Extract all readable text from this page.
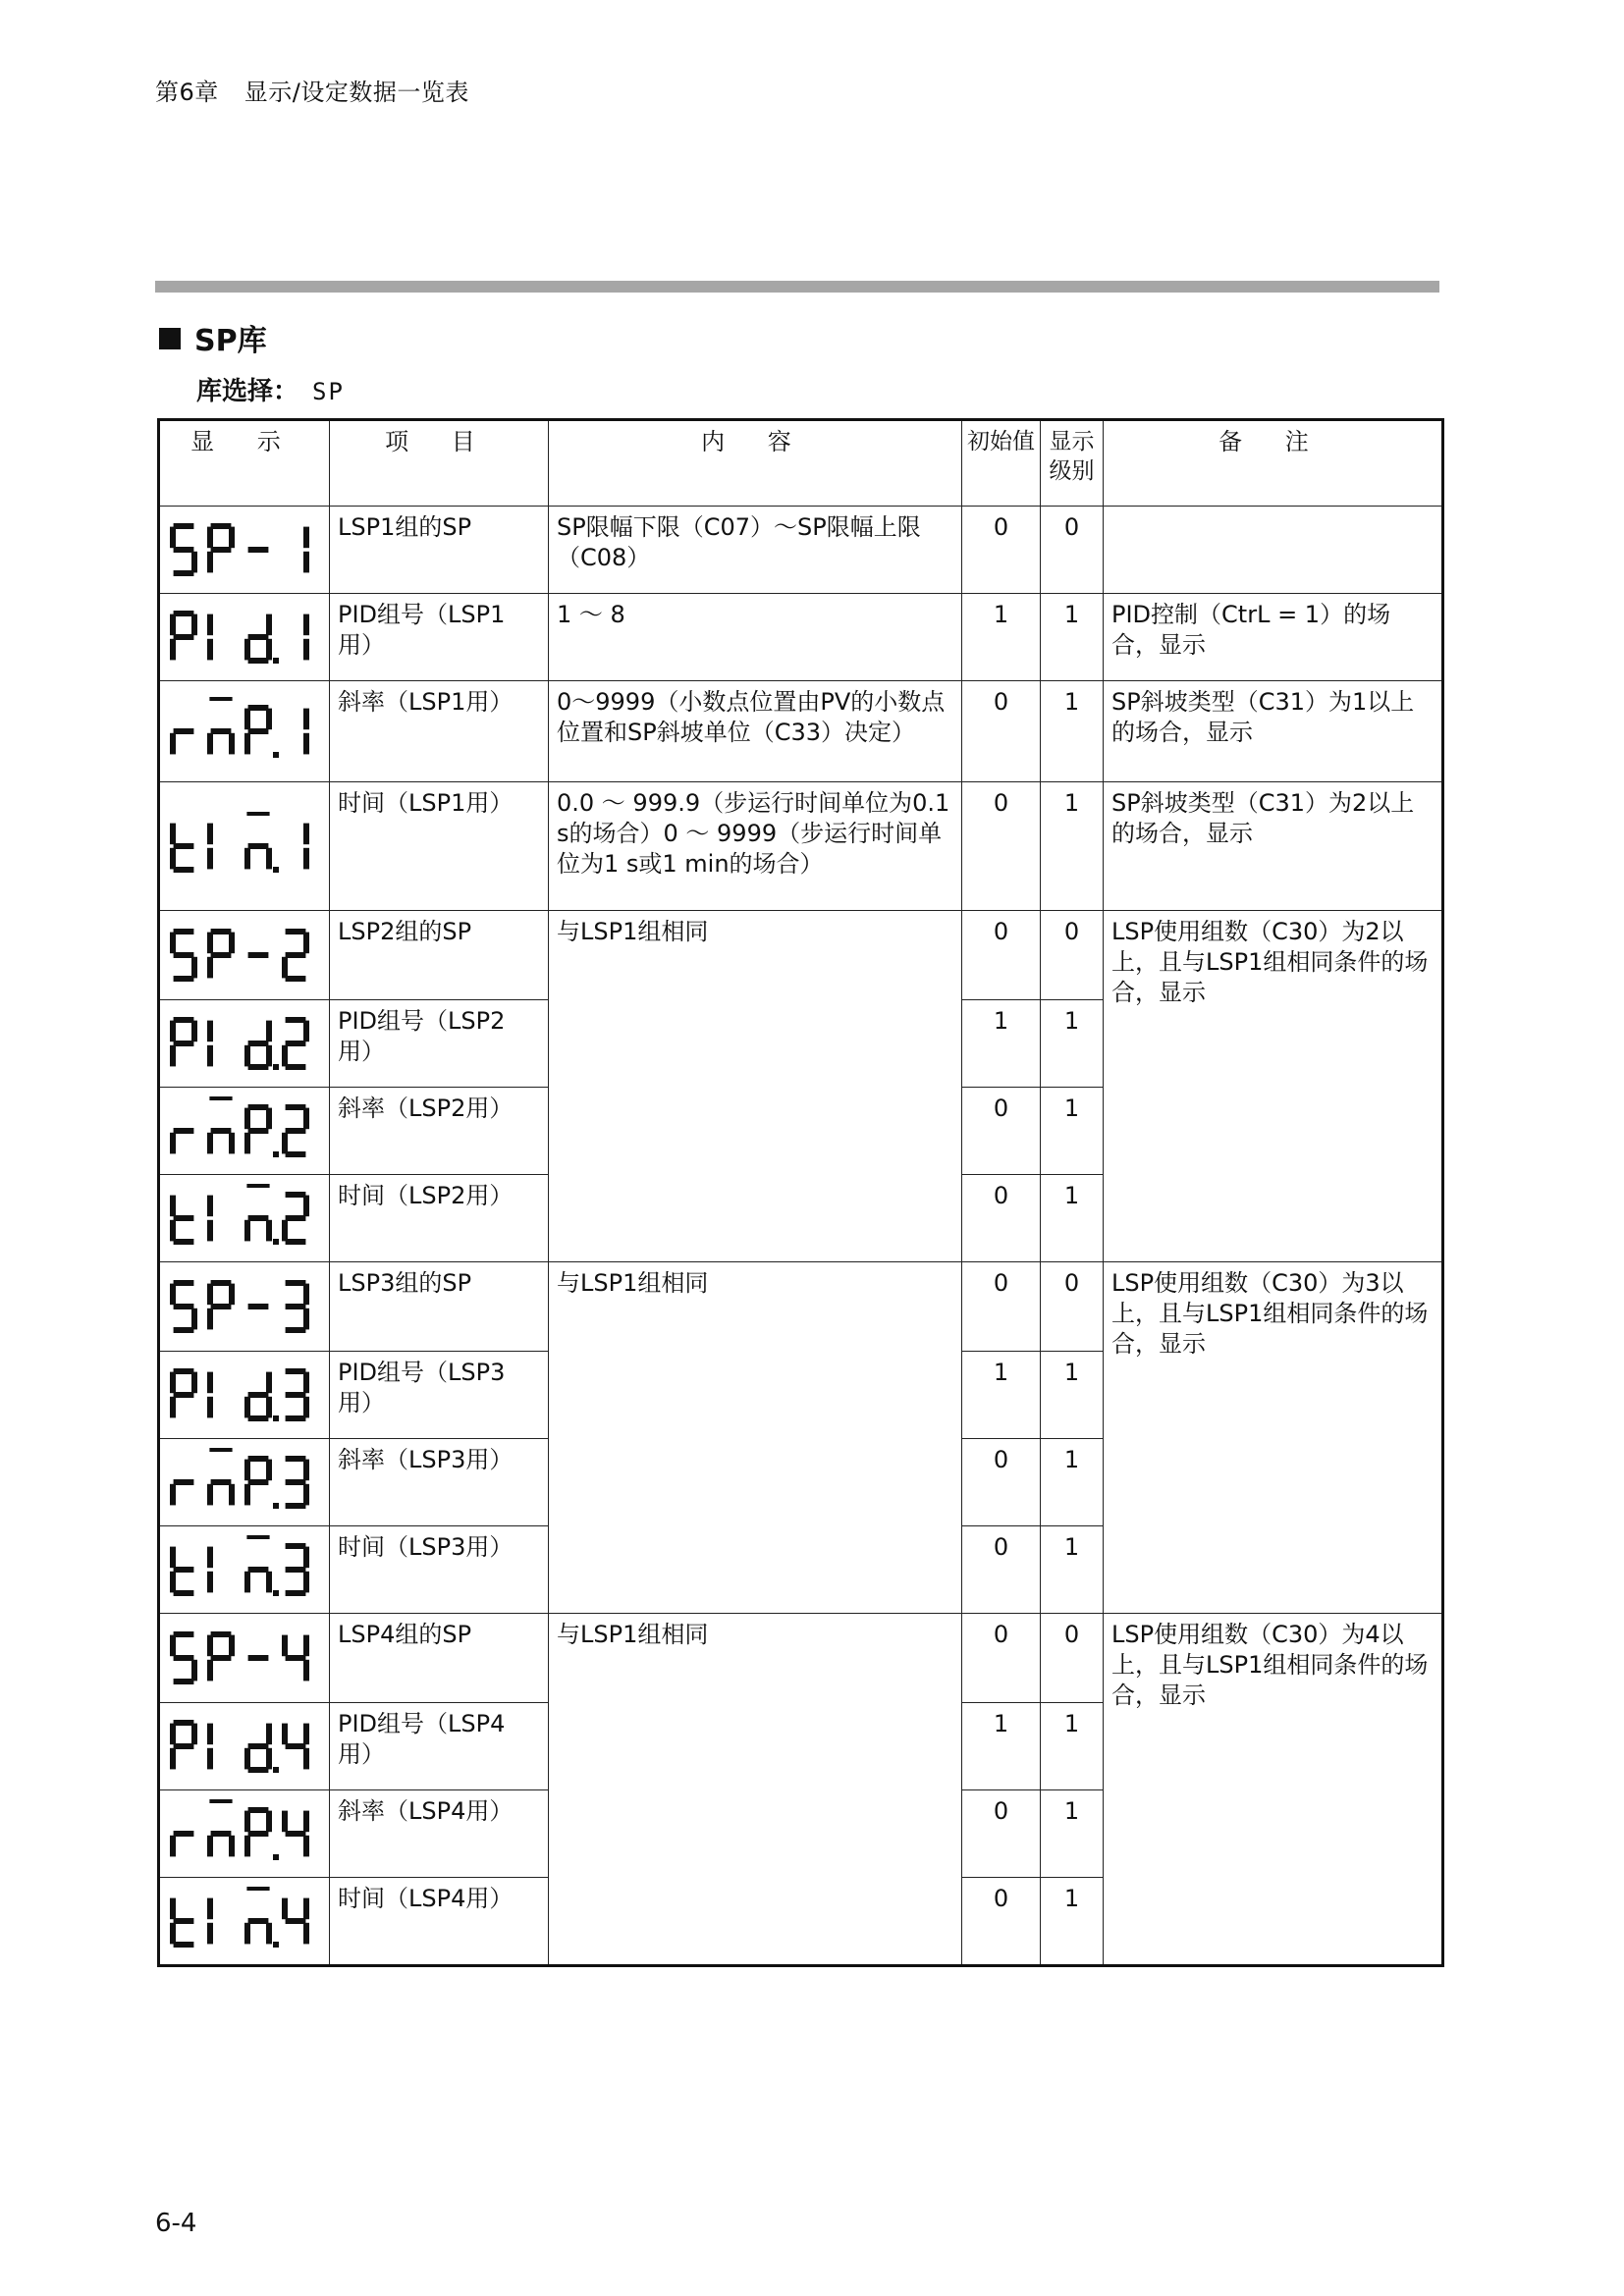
第6章 显示/设定数据一览表
SP库
库选择： SP
显 示	项 目	内 容	初始值	显示级别	备 注

	LSP1组的SP	SP限幅下限（C07）～SP限幅上限（C08）	0	0	

	PID组号（LSP1用）	1 ～ 8	1	1	PID控制（CtrL = 1）的场合，显示

	斜率（LSP1用）	0～9999（小数点位置由PV的小数点位置和SP斜坡单位（C33）决定）	0	1	SP斜坡类型（C31）为1以上的场合，显示

	时间（LSP1用）	0.0 ～ 999.9（步运行时间单位为0.1 s的场合）0 ～ 9999（步运行时间单位为1 s或1 min的场合）	0	1	SP斜坡类型（C31）为2以上的场合，显示

	LSP2组的SP	与LSP1组相同	0	0	LSP使用组数（C30）为2以上，且与LSP1组相同条件的场合，显示

	PID组号（LSP2用）		1	1	

	斜率（LSP2用）		0	1	

	时间（LSP2用）		0	1	

	LSP3组的SP	与LSP1组相同	0	0	LSP使用组数（C30）为3以上，且与LSP1组相同条件的场合，显示

	PID组号（LSP3用）		1	1	

	斜率（LSP3用）		0	1	

	时间（LSP3用）		0	1	

	LSP4组的SP	与LSP1组相同	0	0	LSP使用组数（C30）为4以上，且与LSP1组相同条件的场合，显示

	PID组号（LSP4用）		1	1	

	斜率（LSP4用）		0	1	

	时间（LSP4用）		0	1	
6-4
